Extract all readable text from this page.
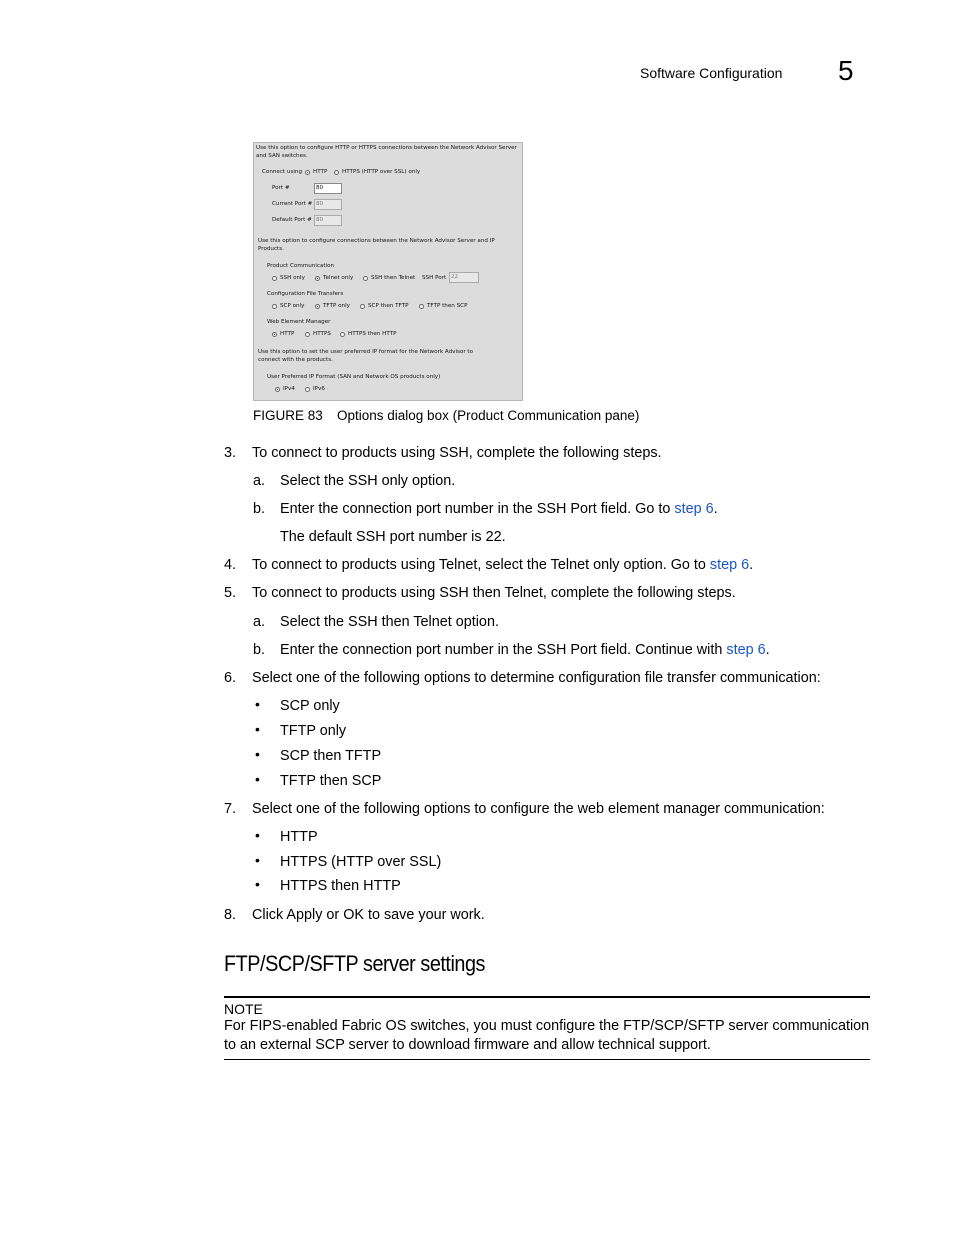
Software Configuration 5
Use this option to configure HTTP or HTTPS connections between the Network Advisor Server
and SAN switches.
Connect using HTTP	HTTPS (HTTP over SSL) only
Port #	80
Current Port # 80
Default Port # 80
Use this option to configure connections between the Network Advisor Server and IP
Products.
Product Communication
SSH only	Telnet only	SSH then Telnet SSH Port 22
Configuration File Transfers
SCP only	TFTP only	SCP then TFTP	TFTP then SCP
Web Element Manager
HTTP	HTTPS	HTTPS then HTTP
Use this option to set the user preferred IP format for the Network Advisor to
connect with the products.
User Preferred IP Format (SAN and Network OS products only)
IPv4	IPv6
FIGURE 83 Options dialog box (Product Communication pane)
3. To connect to products using SSH, complete the following steps.
a. Select the SSH only option.
b. Enter the connection port number in the SSH Port field. Go to step 6.
The default SSH port number is 22.
4. To connect to products using Telnet, select the Telnet only option. Go to step 6.
5. To connect to products using SSH then Telnet, complete the following steps.
a. Select the SSH then Telnet option.
b. Enter the connection port number in the SSH Port field. Continue with step 6.
6. Select one of the following options to determine configuration file transfer communication:
• SCP only
• TFTP only
• SCP then TFTP
• TFTP then SCP
7. Select one of the following options to configure the web element manager communication:
• HTTP
• HTTPS (HTTP over SSL)
• HTTPS then HTTP
8. Click Apply or OK to save your work.
FTP/SCP/SFTP server settings
NOTE
For FIPS-enabled Fabric OS switches, you must configure the FTP/SCP/SFTP server communication
to an external SCP server to download firmware and allow technical support.
